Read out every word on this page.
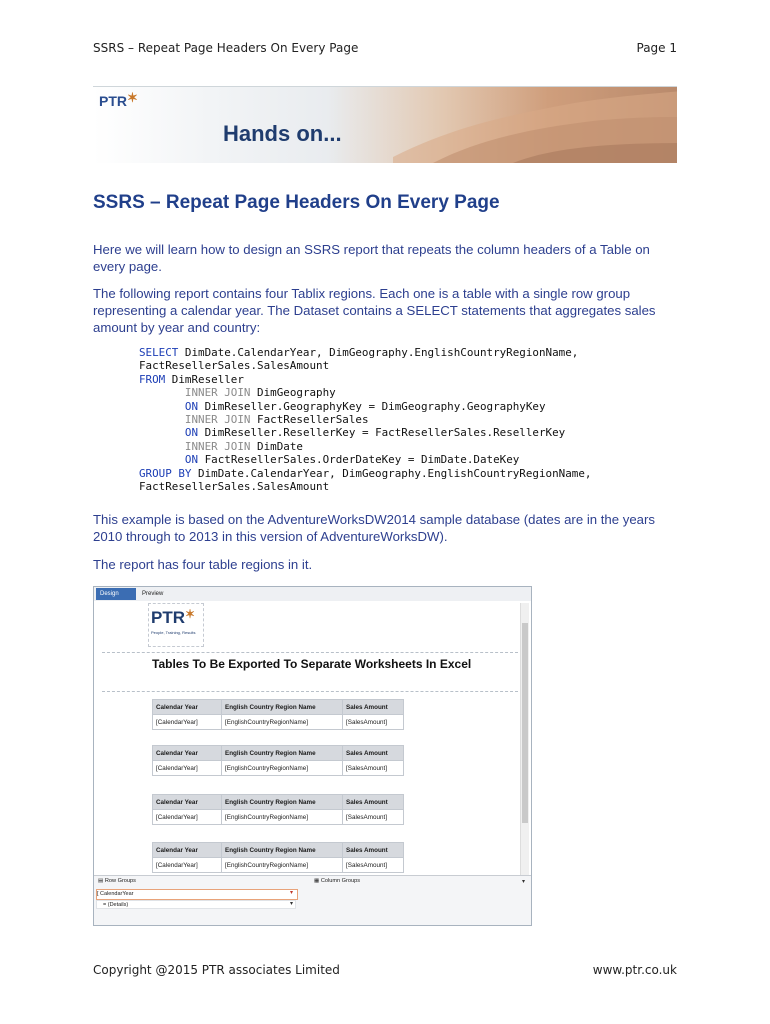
SSRS – Repeat Page Headers On Every Page	Page 1
PTR✶
Hands on...
SSRS – Repeat Page Headers On Every Page
Here we will learn how to design an SSRS report that repeats the column headers of a Table on every page.
The following report contains four Tablix regions. Each one is a table with a single row group representing a calendar year. The Dataset contains a SELECT statements that aggregates sales amount by year and country:
SELECT DimDate.CalendarYear, DimGeography.EnglishCountryRegionName,
FactResellerSales.SalesAmount
FROM DimReseller
INNER JOIN DimGeography
ON DimReseller.GeographyKey = DimGeography.GeographyKey
INNER JOIN FactResellerSales
ON DimReseller.ResellerKey = FactResellerSales.ResellerKey
INNER JOIN DimDate
ON FactResellerSales.OrderDateKey = DimDate.DateKey
GROUP BY DimDate.CalendarYear, DimGeography.EnglishCountryRegionName,
FactResellerSales.SalesAmount
This example is based on the AdventureWorksDW2014 sample database (dates are in the years 2010 through to 2013 in this version of AdventureWorksDW).
The report has four table regions in it.
Design	Preview
PTR✶
People, Training, Results
Tables To Be Exported To Separate Worksheets In Excel
Calendar Year	English Country Region Name	Sales Amount
[CalendarYear]	[EnglishCountryRegionName]	[SalesAmount]
Calendar Year	English Country Region Name	Sales Amount
[CalendarYear]	[EnglishCountryRegionName]	[SalesAmount]
Calendar Year	English Country Region Name	Sales Amount
[CalendarYear]	[EnglishCountryRegionName]	[SalesAmount]
Calendar Year	English Country Region Name	Sales Amount
[CalendarYear]	[EnglishCountryRegionName]	[SalesAmount]
▤ Row Groups	▦ Column Groups	▾
[ CalendarYear
= (Details)
▾
▾
Copyright @2015 PTR associates Limited	www.ptr.co.uk
